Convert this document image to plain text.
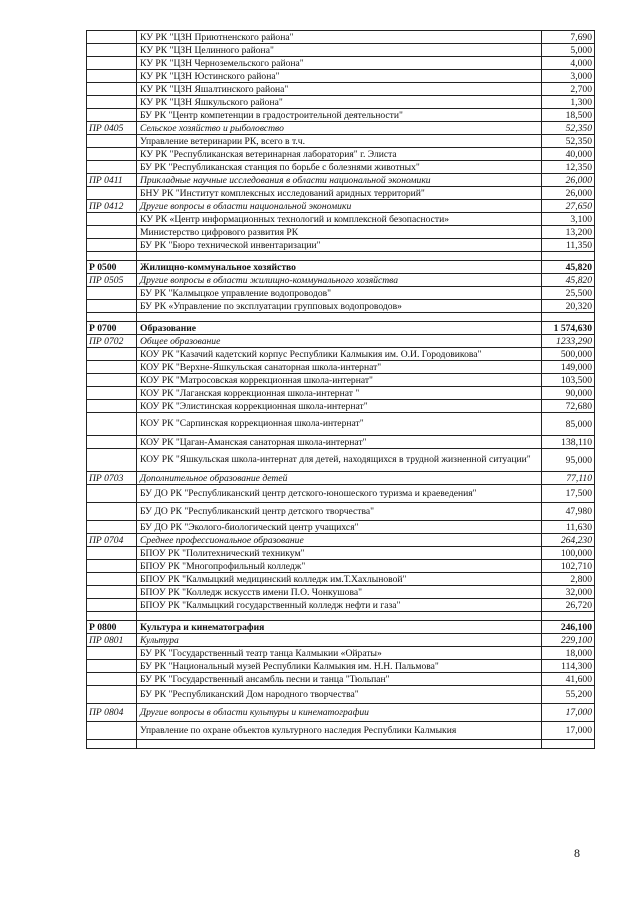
	КУ РК "ЦЗН Приютненского района"	7,690
	КУ РК "ЦЗН Целинного района"	5,000
	КУ РК "ЦЗН Черноземельского района"	4,000
	КУ РК "ЦЗН Юстинского района"	3,000
	КУ РК "ЦЗН Яшалтинского района"	2,700
	КУ РК "ЦЗН Яшкульского района"	1,300
	БУ РК "Центр компетенции в градостроительной деятельности"	18,500
ПР 0405	Сельское хозяйство и рыболовство	52,350
	Управление ветеринарии РК, всего в т.ч.	52,350
	КУ РК "Республиканская ветеринарная лаборатория" г. Элиста	40,000
	БУ РК "Республиканская станция по борьбе с болезнями животных"	12,350
ПР 0411	Прикладные научные исследования в области национальной экономики	26,000
	БНУ РК "Институт комплексных исследований аридных территорий"	26,000
ПР 0412	Другие вопросы в области национальной экономики	27,650
	КУ РК «Центр информационных технологий и комплексной безопасности»	3,100
	Министерство цифрового развития РК	13,200
	БУ РК "Бюро технической инвентаризации"	11,350

Р 0500	Жилищно-коммунальное хозяйство	45,820
ПР 0505	Другие вопросы в области жилищно-коммунального хозяйства	45,820
	БУ РК "Калмыцкое управление водопроводов"	25,500
	БУ РК «Управление по эксплуатации групповых водопроводов»	20,320

Р 0700	Образование	1 574,630
ПР 0702	Общее образование	1233,290
	КОУ РК "Казачий кадетский корпус Республики Калмыкия им. О.И. Городовикова"	500,000
	КОУ РК "Верхне-Яшкульская санаторная школа-интернат"	149,000
	КОУ РК "Матросовская коррекционная школа-интернат"	103,500
	КОУ РК "Лаганская коррекционная школа-интернат "	90,000
	КОУ РК "Элистинская коррекционная школа-интернат"	72,680
	КОУ РК "Сарпинская коррекционная школа-интернат"	85,000
	КОУ РК "Цаган-Аманская санаторная школа-интернат"	138,110
	КОУ РК "Яшкульская школа-интернат для детей, находящихся в трудной жизненной ситуации"	95,000
ПР 0703	Дополнительное образование детей	77,110
	БУ ДО РК "Республиканский центр детского-юношеского туризма и краеведения"	17,500
	БУ ДО РК "Республиканский центр детского творчества"	47,980
	БУ ДО РК "Эколого-биологический центр учащихся"	11,630
ПР 0704	Среднее профессиональное образование	264,230
	БПОУ РК "Политехнический техникум"	100,000
	БПОУ РК "Многопрофильный колледж"	102,710
	БПОУ РК "Калмыцкий медицинский колледж им.Т.Хахлыновой"	2,800
	БПОУ РК "Колледж искусств имени П.О. Чонкушова"	32,000
	БПОУ РК "Калмыцкий государственный колледж нефти и газа"	26,720

Р 0800	Культура и кинематография	246,100
ПР 0801	Культура	229,100
	БУ РК "Государственный театр танца Калмыкии «Ойраты»	18,000
	БУ РК "Национальный музей Республики Калмыкия им. Н.Н. Пальмова"	114,300
	БУ РК "Государственный ансамбль песни и танца "Тюльпан"	41,600
	БУ РК "Республиканский Дом народного творчества"	55,200
ПР 0804	Другие вопросы в области культуры и кинематографии	17,000
	Управление по охране объектов культурного наследия Республики Калмыкия	17,000

8
